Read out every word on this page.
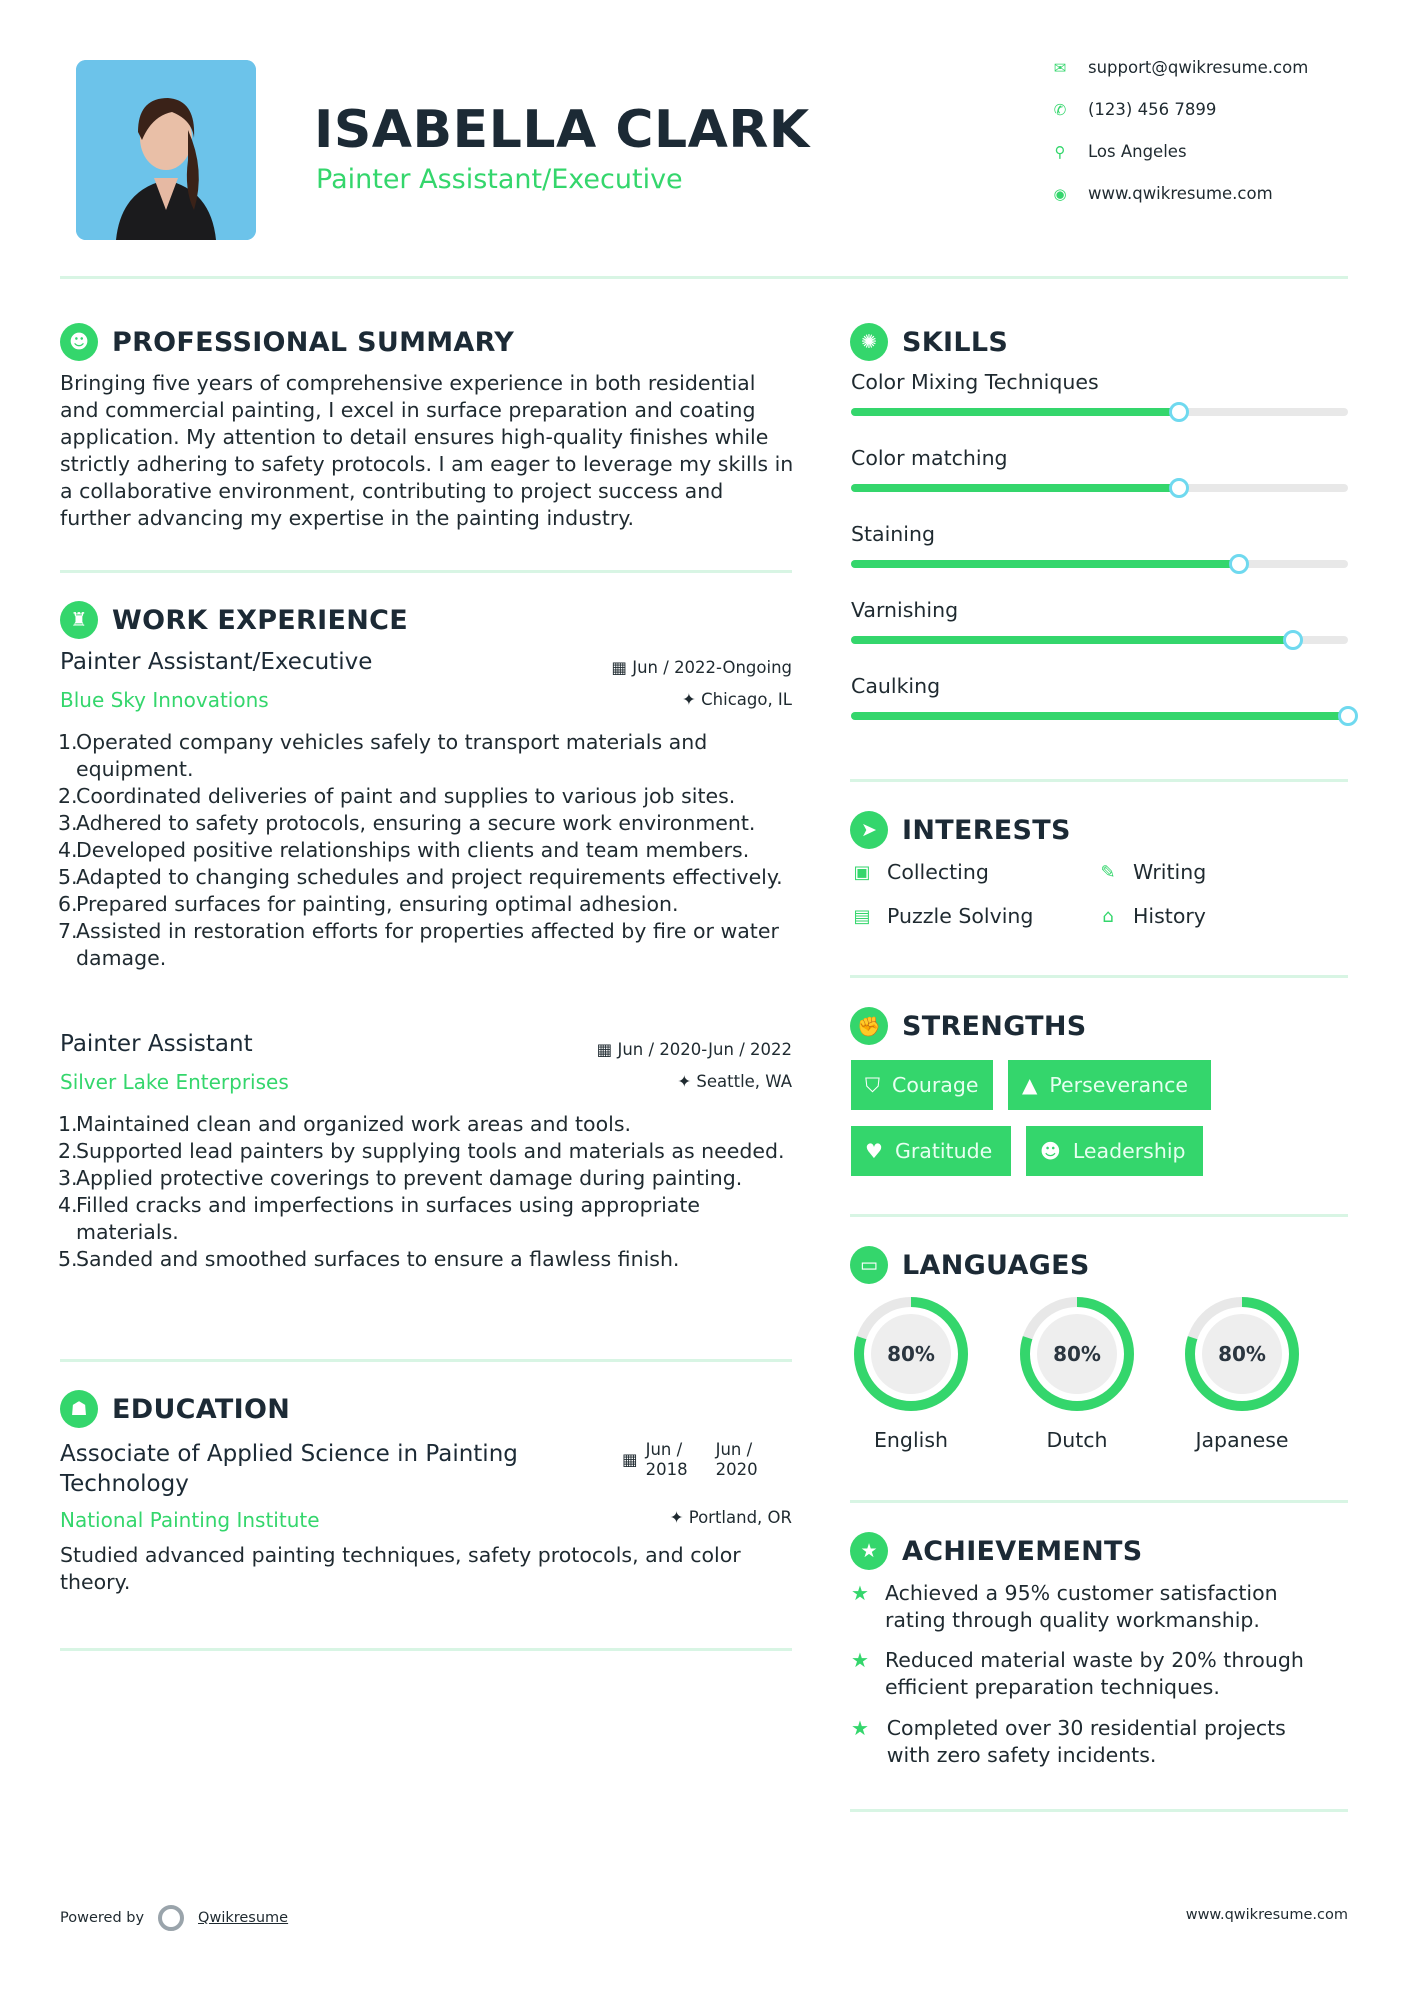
ISABELLA CLARK
Painter Assistant/Executive
✉ support@qwikresume.com
✆ (123) 456 7899
⚲ Los Angeles
◉ www.qwikresume.com
☻ PROFESSIONAL SUMMARY
Bringing five years of comprehensive experience in both residential and commercial painting, I excel in surface preparation and coating application. My attention to detail ensures high-quality finishes while strictly adhering to safety protocols. I am eager to leverage my skills in a collaborative environment, contributing to project success and further advancing my expertise in the painting industry.
♜ WORK EXPERIENCE
Painter Assistant/Executive	▦ Jun / 2022-Ongoing
Blue Sky Innovations	✦ Chicago, IL
1.
Operated company vehicles safely to transport materials and equipment.
2.
Coordinated deliveries of paint and supplies to various job sites.
3.
Adhered to safety protocols, ensuring a secure work environment.
4.
Developed positive relationships with clients and team members.
5.
Adapted to changing schedules and project requirements effectively.
6.
Prepared surfaces for painting, ensuring optimal adhesion.
7.
Assisted in restoration efforts for properties affected by fire or water damage.
Painter Assistant	▦ Jun / 2020-Jun / 2022
Silver Lake Enterprises	✦ Seattle, WA
1.
Maintained clean and organized work areas and tools.
2.
Supported lead painters by supplying tools and materials as needed.
3.
Applied protective coverings to prevent damage during painting.
4.
Filled cracks and imperfections in surfaces using appropriate materials.
5.
Sanded and smoothed surfaces to ensure a flawless finish.
☗ EDUCATION
Associate of Applied Science in Painting Technology
▦
Jun / 2018
Jun / 2020
National Painting Institute	✦ Portland, OR
Studied advanced painting techniques, safety protocols, and color theory.
✺ SKILLS
Color Mixing Techniques
Color matching
Staining
Varnishing
Caulking
➤ INTERESTS
▣ Collecting	✎ Writing
▤ Puzzle Solving	⌂ History
✊ STRENGTHS
⛉ Courage ▲ Perseverance
♥ Gratitude ☻ Leadership
▭ LANGUAGES
80%
English
80%
Dutch
80%
Japanese
★ ACHIEVEMENTS
★ Achieved a 95% customer satisfaction rating through quality workmanship.
★ Reduced material waste by 20% through efficient preparation techniques.
★ Completed over 30 residential projects with zero safety incidents.
Powered by	Qwikresume	www.qwikresume.com
